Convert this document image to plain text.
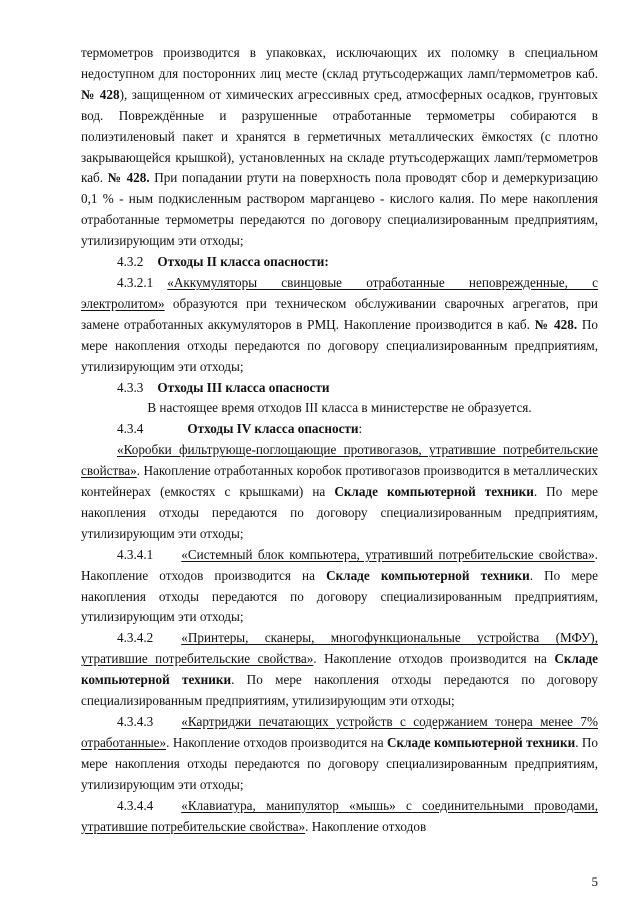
термометров производится в упаковках, исключающих их поломку в специальном недоступном для посторонних лиц месте (склад ртутьсодержащих ламп/термометров каб. № 428), защищенном от химических агрессивных сред, атмосферных осадков, грунтовых вод. Повреждённые и разрушенные отработанные термометры собираются в полиэтиленовый пакет и хранятся в герметичных металлических ёмкостях (с плотно закрывающейся крышкой), установленных на складе ртутьсодержащих ламп/термометров каб. № 428. При попадании ртути на поверхность пола проводят сбор и демеркуризацию 0,1 % - ным подкисленным раствором марганцево - кислого калия. По мере накопления отработанные термометры передаются по договору специализированным предприятиям, утилизирующим эти отходы;

4.3.2 Отходы II класса опасности:

4.3.2.1 «Аккумуляторы свинцовые отработанные неповрежденные, с электролитом» образуются при техническом обслуживании сварочных агрегатов, при замене отработанных аккумуляторов в РМЦ. Накопление производится в каб. № 428. По мере накопления отходы передаются по договору специализированным предприятиям, утилизирующим эти отходы;

4.3.3 Отходы III класса опасности

В настоящее время отходов III класса в министерстве не образуется.

4.3.4	Отходы IV класса опасности:

«Коробки фильтрующе-поглощающие противогазов, утратившие потребительские свойства». Накопление отработанных коробок противогазов производится в металлических контейнерах (емкостях с крышками) на Складе компьютерной техники. По мере накопления отходы передаются по договору специализированным предприятиям, утилизирующим эти отходы;

4.3.4.1 «Системный блок компьютера, утративший потребительские свойства». Накопление отходов производится на Складе компьютерной техники. По мере накопления отходы передаются по договору специализированным предприятиям, утилизирующим эти отходы;

4.3.4.2 «Принтеры, сканеры, многофункциональные устройства (МФУ), утратившие потребительские свойства». Накопление отходов производится на Складе компьютерной техники. По мере накопления отходы передаются по договору специализированным предприятиям, утилизирующим эти отходы;

4.3.4.3 «Картриджи печатающих устройств с содержанием тонера менее 7% отработанные». Накопление отходов производится на Складе компьютерной техники. По мере накопления отходы передаются по договору специализированным предприятиям, утилизирующим эти отходы;

4.3.4.4 «Клавиатура, манипулятор «мышь» с соединительными проводами, утратившие потребительские свойства». Накопление отходов

5
